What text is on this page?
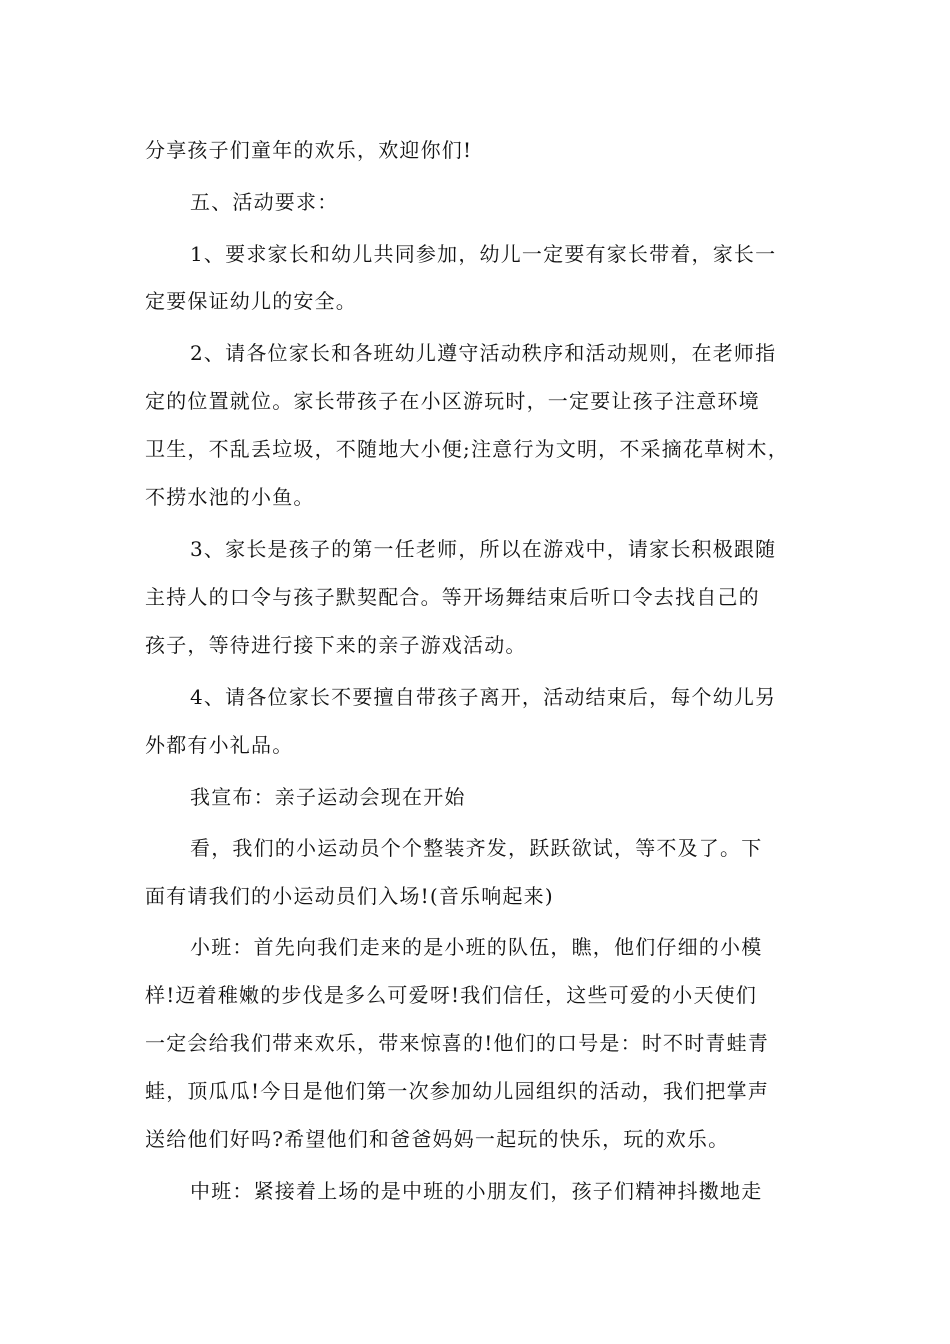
分享孩子们童年的欢乐，欢迎你们!

五、活动要求：

1、要求家长和幼儿共同参加，幼儿一定要有家长带着，家长一

定要保证幼儿的安全。

2、请各位家长和各班幼儿遵守活动秩序和活动规则，在老师指

定的位置就位。家长带孩子在小区游玩时，一定要让孩子注意环境

卫生，不乱丢垃圾，不随地大小便;注意行为文明，不采摘花草树木，

不捞水池的小鱼。

3、家长是孩子的第一任老师，所以在游戏中，请家长积极跟随

主持人的口令与孩子默契配合。等开场舞结束后听口令去找自己的

孩子，等待进行接下来的亲子游戏活动。

4、请各位家长不要擅自带孩子离开，活动结束后，每个幼儿另

外都有小礼品。

我宣布：亲子运动会现在开始

看，我们的小运动员个个整装齐发，跃跃欲试，等不及了。下

面有请我们的小运动员们入场!(音乐响起来)

小班：首先向我们走来的是小班的队伍，瞧，他们仔细的小模

样!迈着稚嫩的步伐是多么可爱呀!我们信任，这些可爱的小天使们

一定会给我们带来欢乐，带来惊喜的!他们的口号是：时不时青蛙青

蛙，顶瓜瓜!今日是他们第一次参加幼儿园组织的活动，我们把掌声

送给他们好吗?希望他们和爸爸妈妈一起玩的快乐，玩的欢乐。

中班：紧接着上场的是中班的小朋友们，孩子们精神抖擞地走
